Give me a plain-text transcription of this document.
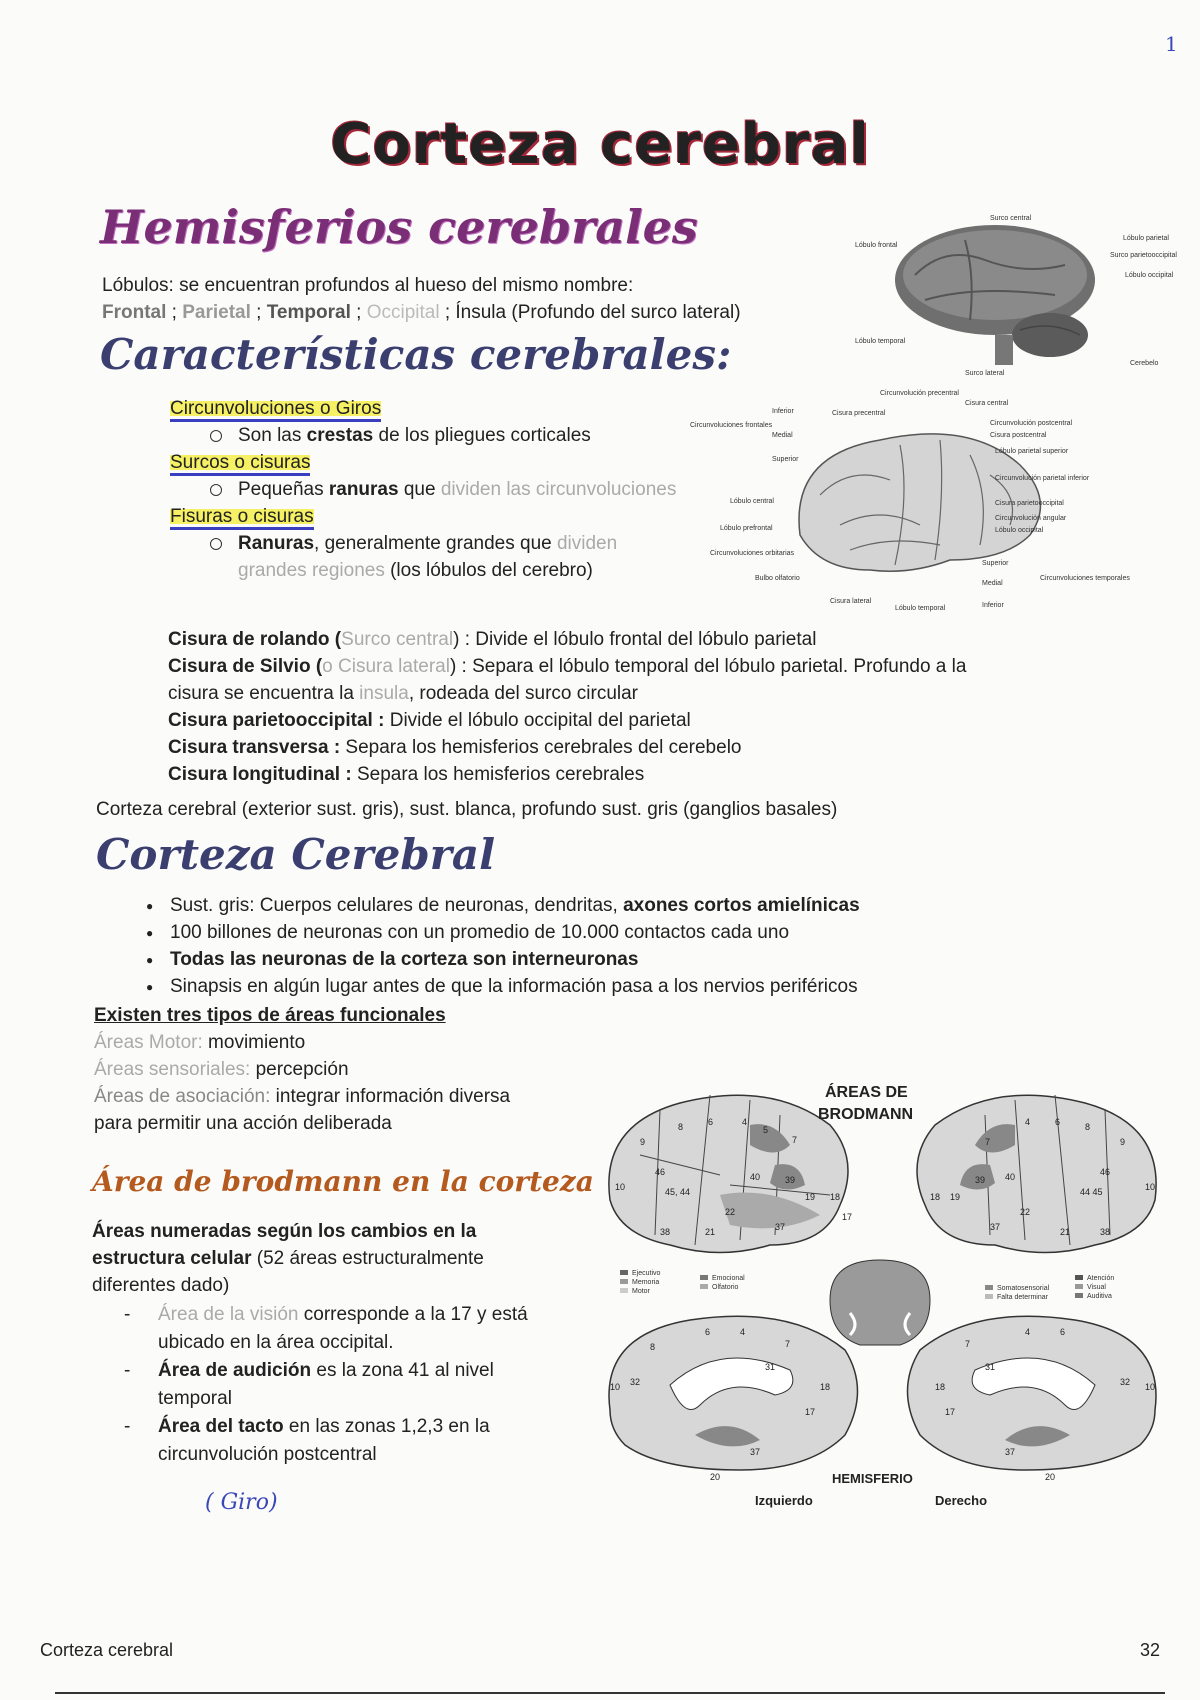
1
Corteza cerebral
Hemisferios cerebrales
Lóbulos: se encuentran profundos al hueso del mismo nombre:
Frontal ; Parietal ; Temporal ; Occipital ; Ínsula (Profundo del surco lateral)
Surco central
Lóbulo frontal
Lóbulo parietal
Surco parietooccipital
Lóbulo occipital
Lóbulo temporal
Surco lateral
Cerebelo
Características cerebrales:
Circunvoluciones o Giros
Son las crestas de los pliegues corticales
Surcos o cisuras
Pequeñas ranuras que dividen las circunvoluciones
Fisuras o cisuras
Ranuras, generalmente grandes que dividen grandes regiones (los lóbulos del cerebro)
Circunvolución precentral
Cisura central
Circunvoluciones frontales
Inferior
Medial
Superior
Cisura precentral
Circunvolución postcentral
Cisura postcentral
Lóbulo parietal superior
Circunvolución parietal inferior
Cisura parietooccipital
Circunvolución angular
Lóbulo occipital
Lóbulo central
Lóbulo prefrontal
Circunvoluciones orbitarias
Bulbo olfatorio
Cisura lateral
Lóbulo temporal
Circunvoluciones temporales
Superior
Medial
Inferior
Cisura de rolando (Surco central) : Divide el lóbulo frontal del lóbulo parietal
Cisura de Silvio (o Cisura lateral) : Separa el lóbulo temporal del lóbulo parietal. Profundo a la
cisura se encuentra la insula, rodeada del surco circular
Cisura parietooccipital : Divide el lóbulo occipital del parietal
Cisura transversa : Separa los hemisferios cerebrales del cerebelo
Cisura longitudinal : Separa los hemisferios cerebrales
Corteza cerebral (exterior sust. gris), sust. blanca, profundo sust. gris (ganglios basales)
Corteza Cerebral
● Sust. gris: Cuerpos celulares de neuronas, dendritas, axones cortos amielínicas
● 100 billones de neuronas con un promedio de 10.000 contactos cada uno
● Todas las neuronas de la corteza son interneuronas
● Sinapsis en algún lugar antes de que la información pasa a los nervios periféricos
Existen tres tipos de áreas funcionales
Áreas Motor: movimiento
Áreas sensoriales: percepción
Áreas de asociación: integrar información diversa
para permitir una acción deliberada
Área de brodmann en la corteza
Áreas numeradas según los cambios en la estructura celular (52 áreas estructuralmente diferentes dado)
- Área de la visión corresponde a la 17 y está ubicado en la área occipital.
- Área de audición es la zona 41 al nivel temporal
- Área del tacto en las zonas 1,2,3 en la circunvolución postcentral
( Giro)
9
8	6	4
5
7
46
10	45, 44
40	39
19 18
22
21	37
38
17
9
8
6
4
7
46
10
44 45
40
39
19
18
22
21
37	38
Ejecutivo
Memoria
Motor
Emocional
Olfatorio	Somatosensorial
Falta determinar
Atención
Visual
Auditiva
8
6	4
7
32
10
31
18
17
37
20
6
4
7
32 10
31
18
17
37
20
ÁREAS DE
BRODMANN
HEMISFERIO
Izquierdo	Derecho
Corteza cerebral	32
